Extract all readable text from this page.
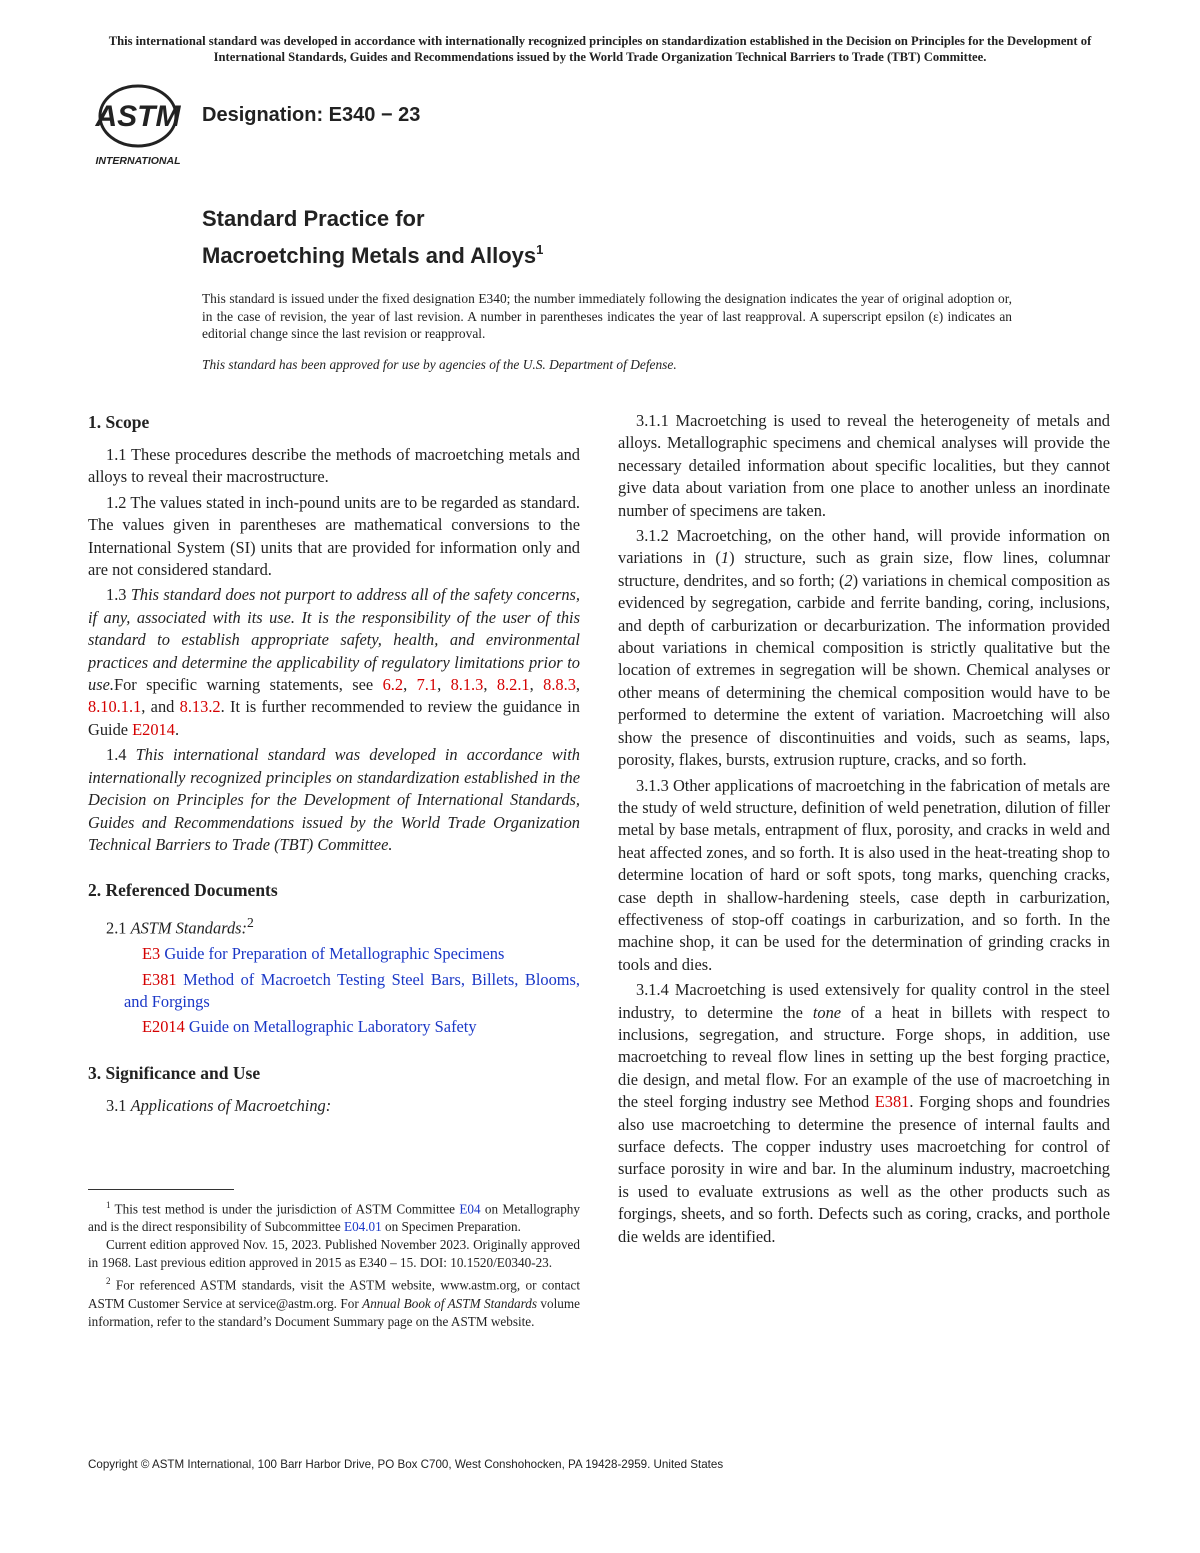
This international standard was developed in accordance with internationally recognized principles on standardization established in the Decision on Principles for the Development of International Standards, Guides and Recommendations issued by the World Trade Organization Technical Barriers to Trade (TBT) Committee.
ASTM
INTERNATIONAL
Designation: E340 − 23
Standard Practice for
Macroetching Metals and Alloys$^1$
This standard is issued under the fixed designation E340; the number immediately following the designation indicates the year of original adoption or, in the case of revision, the year of last revision. A number in parentheses indicates the year of last reapproval. A superscript epsilon (ε) indicates an editorial change since the last revision or reapproval.
This standard has been approved for use by agencies of the U.S. Department of Defense.
1. Scope

1.1 These procedures describe the methods of macroetching metals and alloys to reveal their macrostructure.

1.2 The values stated in inch-pound units are to be regarded as standard. The values given in parentheses are mathematical conversions to the International System (SI) units that are provided for information only and are not considered standard.

1.3 This standard does not purport to address all of the safety concerns, if any, associated with its use. It is the responsibility of the user of this standard to establish appropriate safety, health, and environmental practices and determine the applicability of regulatory limitations prior to use.For specific warning statements, see 6.2, 7.1, 8.1.3, 8.2.1, 8.8.3, 8.10.1.1, and 8.13.2. It is further recommended to review the guidance in Guide E2014.

1.4 This international standard was developed in accordance with internationally recognized principles on standardization established in the Decision on Principles for the Development of International Standards, Guides and Recommendations issued by the World Trade Organization Technical Barriers to Trade (TBT) Committee.

2. Referenced Documents

2.1 ASTM Standards:$^2$

E3 Guide for Preparation of Metallographic Specimens

E381 Method of Macroetch Testing Steel Bars, Billets, Blooms, and Forgings

E2014 Guide on Metallographic Laboratory Safety

3. Significance and Use

3.1 Applications of Macroetching:

$^1$ This test method is under the jurisdiction of ASTM Committee E04 on Metallography and is the direct responsibility of Subcommittee E04.01 on Specimen Preparation.

Current edition approved Nov. 15, 2023. Published November 2023. Originally approved in 1968. Last previous edition approved in 2015 as E340 – 15. DOI: 10.1520/E0340-23.

$^2$ For referenced ASTM standards, visit the ASTM website, www.astm.org, or contact ASTM Customer Service at service@astm.org. For Annual Book of ASTM Standards volume information, refer to the standard’s Document Summary page on the ASTM website.

3.1.1 Macroetching is used to reveal the heterogeneity of metals and alloys. Metallographic specimens and chemical analyses will provide the necessary detailed information about specific localities, but they cannot give data about variation from one place to another unless an inordinate number of specimens are taken.

3.1.2 Macroetching, on the other hand, will provide information on variations in (1) structure, such as grain size, flow lines, columnar structure, dendrites, and so forth; (2) variations in chemical composition as evidenced by segregation, carbide and ferrite banding, coring, inclusions, and depth of carburization or decarburization. The information provided about variations in chemical composition is strictly qualitative but the location of extremes in segregation will be shown. Chemical analyses or other means of determining the chemical composition would have to be performed to determine the extent of variation. Macroetching will also show the presence of discontinuities and voids, such as seams, laps, porosity, flakes, bursts, extrusion rupture, cracks, and so forth.

3.1.3 Other applications of macroetching in the fabrication of metals are the study of weld structure, definition of weld penetration, dilution of filler metal by base metals, entrapment of flux, porosity, and cracks in weld and heat affected zones, and so forth. It is also used in the heat-treating shop to determine location of hard or soft spots, tong marks, quenching cracks, case depth in shallow-hardening steels, case depth in carburization, effectiveness of stop-off coatings in carburization, and so forth. In the machine shop, it can be used for the determination of grinding cracks in tools and dies.

3.1.4 Macroetching is used extensively for quality control in the steel industry, to determine the tone of a heat in billets with respect to inclusions, segregation, and structure. Forge shops, in addition, use macroetching to reveal flow lines in setting up the best forging practice, die design, and metal flow. For an example of the use of macroetching in the steel forging industry see Method E381. Forging shops and foundries also use macroetching to determine the presence of internal faults and surface defects. The copper industry uses macroetching for control of surface porosity in wire and bar. In the aluminum industry, macroetching is used to evaluate extrusions as well as the other products such as forgings, sheets, and so forth. Defects such as coring, cracks, and porthole die welds are identified.

Copyright © ASTM International, 100 Barr Harbor Drive, PO Box C700, West Conshohocken, PA 19428-2959. United States
